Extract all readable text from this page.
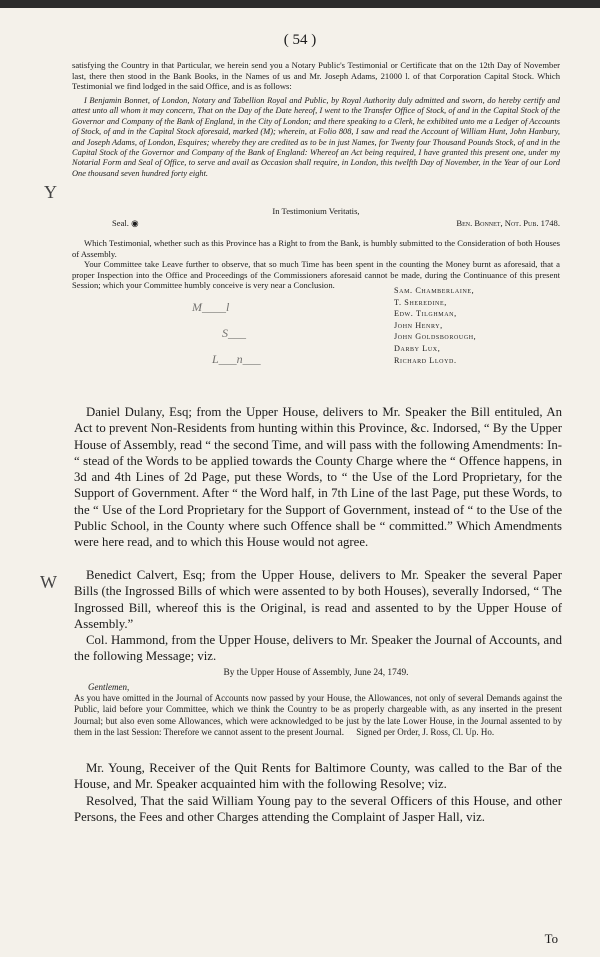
( 54 )

satisfying the Country in that Particular, we herein send you a Notary Public's Testimonial or Certificate that on the 12th Day of November last, there then stood in the Bank Books, in the Names of us and Mr. Joseph Adams, 21000 l. of that Corporation Capital Stock. Which Testimonial we find lodged in the said Office, and is as follows:

I Benjamin Bonnet, of London, Notary and Tabellion Royal and Public, by Royal Authority duly admitted and sworn, do hereby certify and attest unto all whom it may concern, That on the Day of the Date hereof, I went to the Transfer Office of Stock, of and in the Capital Stock of the Governor and Company of the Bank of England, in the City of London; and there speaking to a Clerk, he exhibited unto me a Ledger of Accounts of Stock, of and in the Capital Stock aforesaid, marked (M); wherein, at Folio 808, I saw and read the Account of William Hunt, John Hanbury, and Joseph Adams, of London, Esquires; whereby they are credited as to be in just Names, for Twenty four Thousand Pounds Stock, of and in the Capital Stock of the Governor and Company of the Bank of England: Whereof an Act being required, I have granted this present one, under my Notarial Form and Seal of Office, to serve and avail as Occasion shall require, in London, this twelfth Day of November, in the Year of our Lord One thousand seven hundred forty eight.

Y

In Testimonium Veritatis,

Seal. ◉	Ben. Bonnet, Not. Pub. 1748.

Which Testimonial, whether such as this Province has a Right to from the Bank, is humbly submitted to the Consideration of both Houses of Assembly.

Your Committee take Leave further to observe, that so much Time has been spent in the counting the Money burnt as aforesaid, that a proper Inspection into the Office and Proceedings of the Commissioners aforesaid cannot be made, during the Continuance of this present Session; which your Committee humbly conceive is very near a Conclusion.

Sam. Chamberlaine,
T. Sheredine,
Edw. Tilghman,
John Henry,
John Goldsborough,
Darby Lux,
Richard Lloyd.
M____l
S___
L___n___

Daniel Dulany, Esq; from the Upper House, delivers to Mr. Speaker the Bill entituled, An Act to prevent Non-Residents from hunting within this Province, &c. Indorsed, “ By the Upper House of Assembly, read “ the second Time, and will pass with the following Amendments: In- “ stead of the Words to be applied towards the County Charge where the “ Offence happens, in 3d and 4th Lines of 2d Page, put these Words, to “ the Use of the Lord Proprietary, for the Support of Government. After “ the Word half, in 7th Line of the last Page, put these Words, to the “ Use of the Lord Proprietary for the Support of Government, instead of “ to the Use of the Public School, in the County where such Offence shall be “ committed.” Which Amendments were here read, and to which this House would not agree.

W	Benedict Calvert, Esq; from the Upper House, delivers to Mr. Speaker the several Paper Bills (the Ingrossed Bills of which were assented to by both Houses), severally Indorsed, “ The Ingrossed Bill, whereof this is the Original, is read and assented to by the Upper House of Assembly.”

Col. Hammond, from the Upper House, delivers to Mr. Speaker the Journal of Accounts, and the following Message; viz.

By the Upper House of Assembly, June 24, 1749.

Gentlemen,

As you have omitted in the Journal of Accounts now passed by your House, the Allowances, not only of several Demands against the Public, laid before your Committee, which we think the Country to be as properly chargeable with, as any inserted in the present Journal; but also even some Allowances, which were acknowledged to be just by the late Lower House, in the Journal assented to by them in the last Session: Therefore we cannot assent to the present Journal. Signed per Order, J. Ross, Cl. Up. Ho.

Mr. Young, Receiver of the Quit Rents for Baltimore County, was called to the Bar of the House, and Mr. Speaker acquainted him with the following Resolve; viz.

Resolved, That the said William Young pay to the several Officers of this House, and other Persons, the Fees and other Charges attending the Complaint of Jasper Hall, viz.

To
